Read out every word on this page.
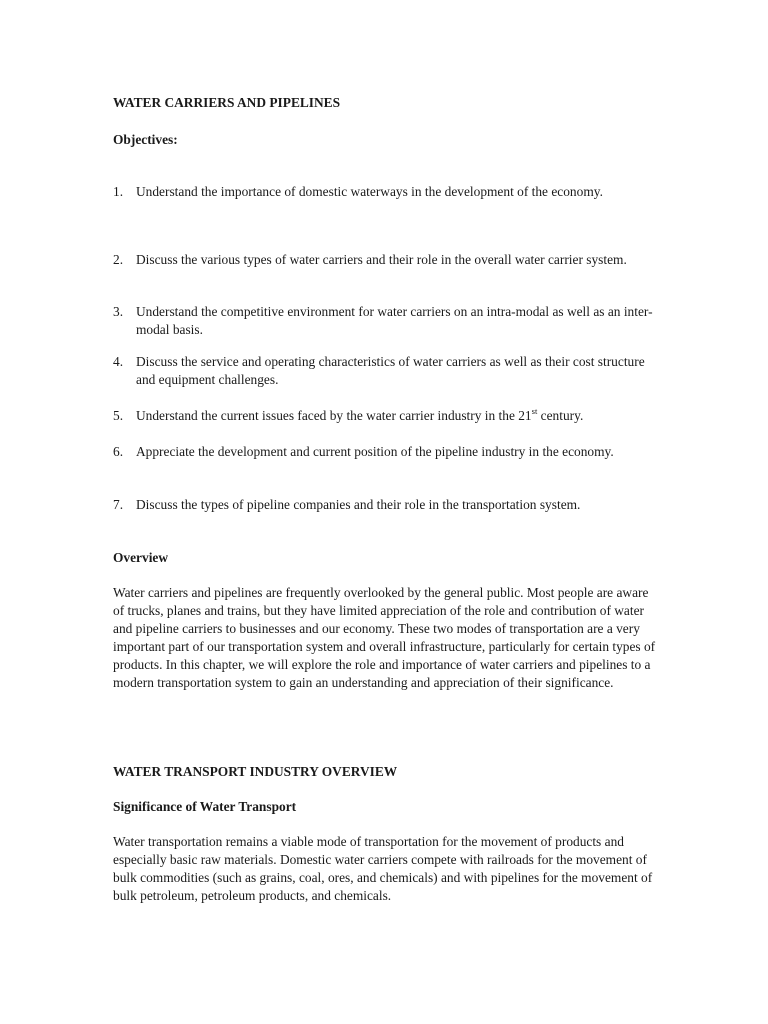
WATER CARRIERS AND PIPELINES
Objectives:
1. Understand the importance of domestic waterways in the development of the economy.
2. Discuss the various types of water carriers and their role in the overall water carrier system.
3. Understand the competitive environment for water carriers on an intra-modal as well as an inter-modal basis.
4. Discuss the service and operating characteristics of water carriers as well as their cost structure and equipment challenges.
5. Understand the current issues faced by the water carrier industry in the 21st century.
6. Appreciate the development and current position of the pipeline industry in the economy.
7. Discuss the types of pipeline companies and their role in the transportation system.
Overview
Water carriers and pipelines are frequently overlooked by the general public. Most people are aware of trucks, planes and trains, but they have limited appreciation of the role and contribution of water and pipeline carriers to businesses and our economy. These two modes of transportation are a very important part of our transportation system and overall infrastructure, particularly for certain types of products. In this chapter, we will explore the role and importance of water carriers and pipelines to a modern transportation system to gain an understanding and appreciation of their significance.
WATER TRANSPORT INDUSTRY OVERVIEW
Significance of Water Transport
Water transportation remains a viable mode of transportation for the movement of products and especially basic raw materials. Domestic water carriers compete with railroads for the movement of bulk commodities (such as grains, coal, ores, and chemicals) and with pipelines for the movement of bulk petroleum, petroleum products, and chemicals.
